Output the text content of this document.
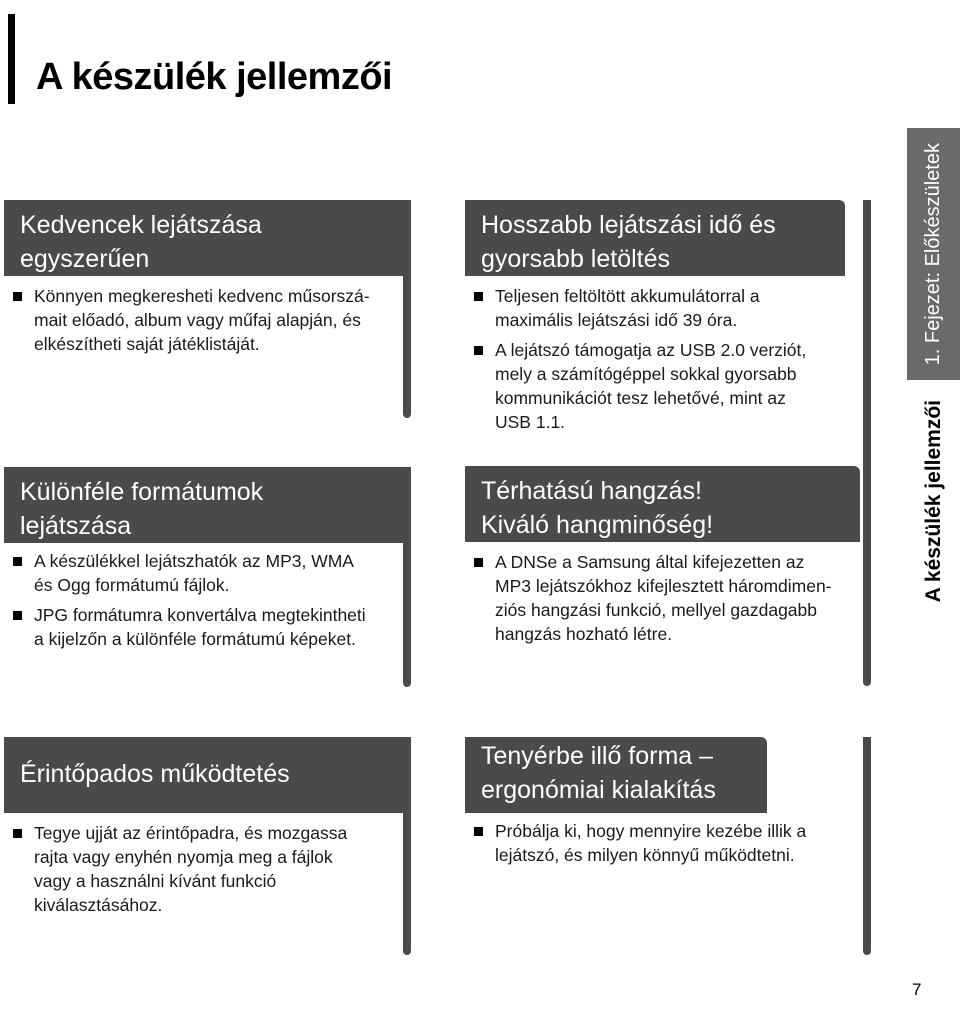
A készülék jellemzői
Kedvencek lejátszása
egyszerűen
Könnyen megkeresheti kedvenc műsorszá-
mait előadó, album vagy műfaj alapján, és
elkészítheti saját játéklistáját.
Különféle formátumok
lejátszása
A készülékkel lejátszhatók az MP3, WMA
és Ogg formátumú fájlok.
JPG formátumra konvertálva megtekintheti
a kijelzőn a különféle formátumú képeket.
Hosszabb lejátszási idő és
gyorsabb letöltés
Teljesen feltöltött akkumulátorral a
maximális lejátszási idő 39 óra.
A lejátszó támogatja az USB 2.0 verziót,
mely a számítógéppel sokkal gyorsabb
kommunikációt tesz lehetővé, mint az
USB 1.1.
Térhatású hangzás!
Kiváló hangminőség!
A DNSe a Samsung által kifejezetten az
MP3 lejátszókhoz kifejlesztett háromdimen-
ziós hangzási funkció, mellyel gazdagabb
hangzás hozható létre.
Érintőpados működtetés
Tegye ujját az érintőpadra, és mozgassa
rajta vagy enyhén nyomja meg a fájlok
vagy a használni kívánt funkció
kiválasztásához.
Tenyérbe illő forma –
ergonómiai kialakítás
Próbálja ki, hogy mennyire kezébe illik a
lejátszó, és milyen könnyű működtetni.
1. Fejezet: Előkészületek
A készülék jellemzői
7
